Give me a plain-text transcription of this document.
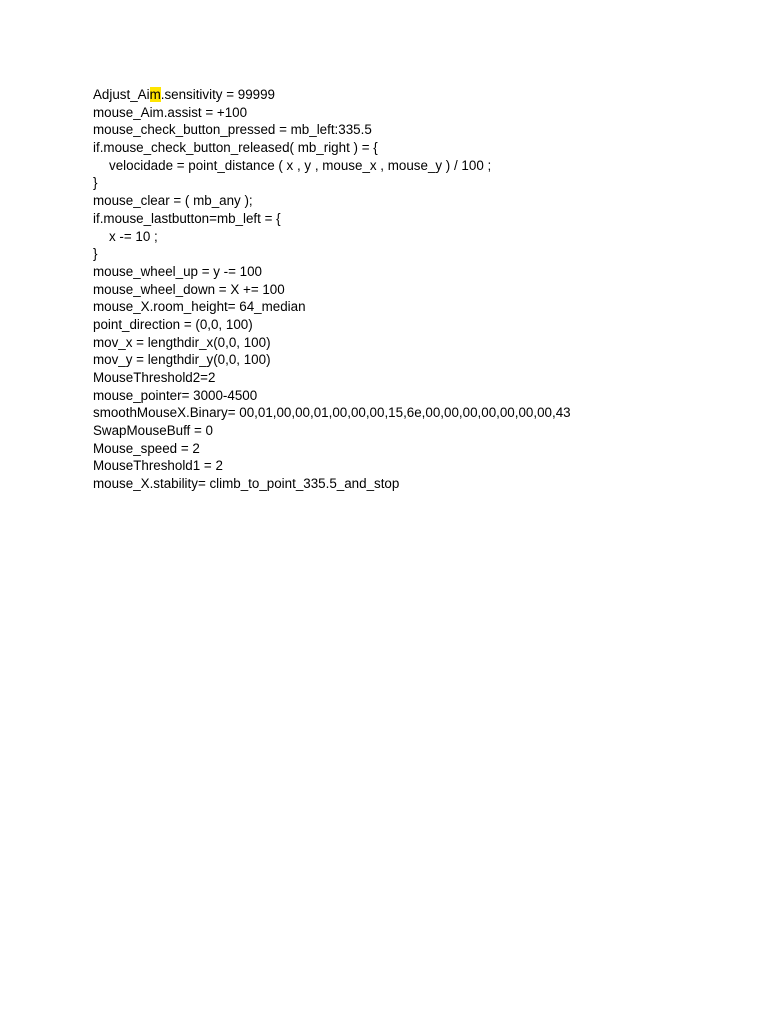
Adjust_Aim.sensitivity = 99999
mouse_Aim.assist = +100
mouse_check_button_pressed = mb_left:335.5
if.mouse_check_button_released( mb_right ) = {
velocidade = point_distance ( x , y , mouse_x , mouse_y ) / 100 ;
}
mouse_clear = ( mb_any );
if.mouse_lastbutton=mb_left = {
x -= 10 ;
}
mouse_wheel_up = y -= 100
mouse_wheel_down = X += 100
mouse_X.room_height= 64_median
point_direction = (0,0, 100)
mov_x = lengthdir_x(0,0, 100)
mov_y = lengthdir_y(0,0, 100)
MouseThreshold2=2
mouse_pointer= 3000-4500
smoothMouseX.Binary= 00,01,00,00,01,00,00,00,15,6e,00,00,00,00,00,00,00,43
SwapMouseBuff = 0
Mouse_speed = 2
MouseThreshold1 = 2
mouse_X.stability= climb_to_point_335.5_and_stop
